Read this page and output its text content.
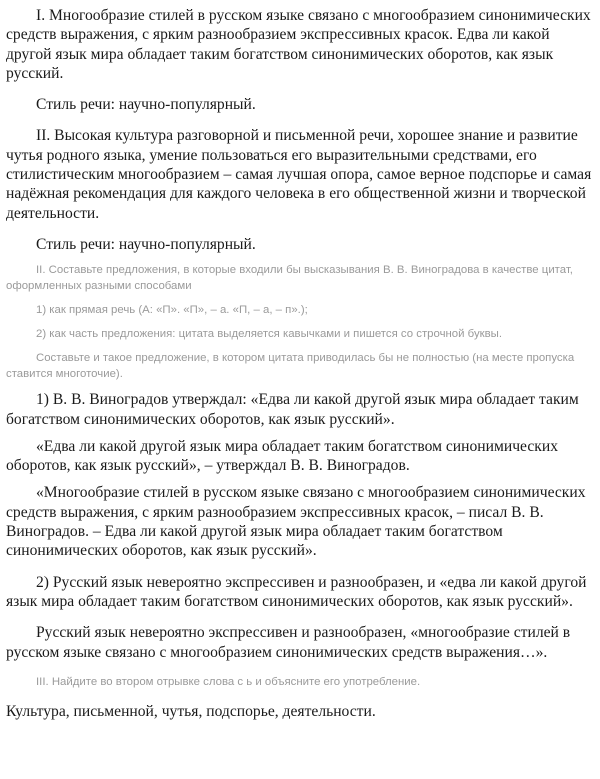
I. Многообразие стилей в русском языке связано с многообразием синонимических средств выражения, с ярким разнообразием экспрессивных красок. Едва ли какой другой язык мира обладает таким богатством синонимических оборотов, как язык русский.

Стиль речи: научно-популярный.

II. Высокая культура разговорной и письменной речи, хорошее знание и развитие чутья родного языка, умение пользоваться его выразительными средствами, его стилистическим многообразием – самая лучшая опора, самое верное подспорье и самая надёжная рекомендация для каждого человека в его общественной жизни и творческой деятельности.

Стиль речи: научно-популярный.

II. Составьте предложения, в которые входили бы высказывания В. В. Виноградова в качестве цитат, оформленных разными способами

1) как прямая речь (А: «П». «П», – а. «П, – а, – п».);

2) как часть предложения: цитата выделяется кавычками и пишется со строчной буквы.

Составьте и такое предложение, в котором цитата приводилась бы не полностью (на месте пропуска ставится многоточие).

1) В. В. Виноградов утверждал: «Едва ли какой другой язык мира обладает таким богатством синонимических оборотов, как язык русский».

«Едва ли какой другой язык мира обладает таким богатством синонимических оборотов, как язык русский», – утверждал В. В. Виноградов.

«Многообразие стилей в русском языке связано с многообразием синонимических средств выражения, с ярким разнообразием экспрессивных красок, – писал В. В. Виноградов. – Едва ли какой другой язык мира обладает таким богатством синонимических оборотов, как язык русский».

2) Русский язык невероятно экспрессивен и разнообразен, и «едва ли какой другой язык мира обладает таким богатством синонимических оборотов, как язык русский».

Русский язык невероятно экспрессивен и разнообразен, «многообразие стилей в русском языке связано с многообразием синонимических средств выражения…».

III. Найдите во втором отрывке слова с ь и объясните его употребление.

Культура, письменной, чутья, подспорье, деятельности.
